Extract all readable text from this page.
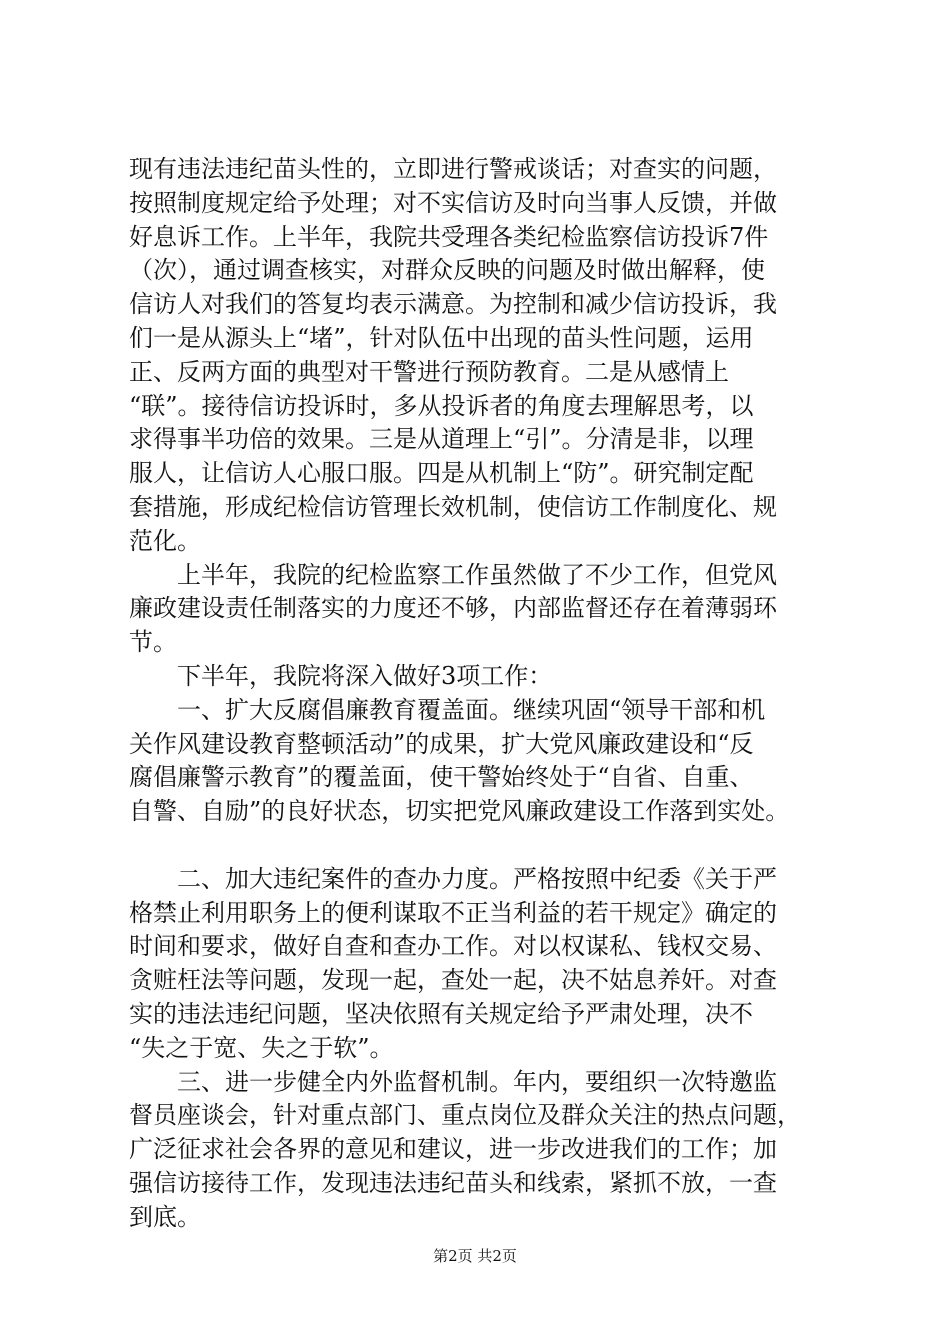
现有违法违纪苗头性的，立即进行警戒谈话；对查实的问题，
按照制度规定给予处理；对不实信访及时向当事人反馈，并做
好息诉工作。上半年，我院共受理各类纪检监察信访投诉7件
（次），通过调查核实，对群众反映的问题及时做出解释，使
信访人对我们的答复均表示满意。为控制和减少信访投诉，我
们一是从源头上“堵”，针对队伍中出现的苗头性问题，运用
正、反两方面的典型对干警进行预防教育。二是从感情上
“联”。接待信访投诉时，多从投诉者的角度去理解思考，以
求得事半功倍的效果。三是从道理上“引”。分清是非，以理
服人，让信访人心服口服。四是从机制上“防”。研究制定配
套措施，形成纪检信访管理长效机制，使信访工作制度化、规
范化。
　　上半年，我院的纪检监察工作虽然做了不少工作，但党风
廉政建设责任制落实的力度还不够，内部监督还存在着薄弱环
节。
　　下半年，我院将深入做好3项工作：
　　一、扩大反腐倡廉教育覆盖面。继续巩固“领导干部和机
关作风建设教育整顿活动”的成果，扩大党风廉政建设和“反
腐倡廉警示教育”的覆盖面，使干警始终处于“自省、自重、
自警、自励”的良好状态，切实把党风廉政建设工作落到实处。
　　二、加大违纪案件的查办力度。严格按照中纪委《关于严
格禁止利用职务上的便利谋取不正当利益的若干规定》确定的
时间和要求，做好自查和查办工作。对以权谋私、钱权交易、
贪赃枉法等问题，发现一起，查处一起，决不姑息养奸。对查
实的违法违纪问题，坚决依照有关规定给予严肃处理，决不
“失之于宽、失之于软”。
　　三、进一步健全内外监督机制。年内，要组织一次特邀监
督员座谈会，针对重点部门、重点岗位及群众关注的热点问题，
广泛征求社会各界的意见和建议，进一步改进我们的工作；加
强信访接待工作，发现违法违纪苗头和线索，紧抓不放，一查
到底。
第2页 共2页
